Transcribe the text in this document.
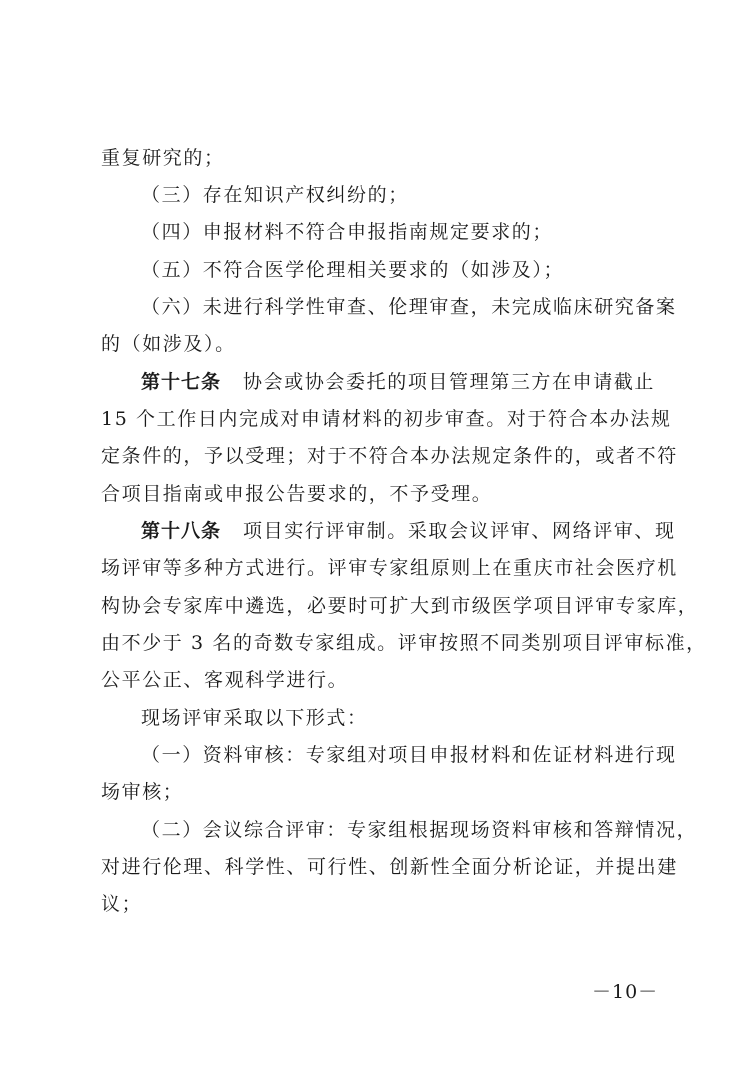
重复研究的；
（三）存在知识产权纠纷的；
（四）申报材料不符合申报指南规定要求的；
（五）不符合医学伦理相关要求的（如涉及）；
（六）未进行科学性审查、伦理审查，未完成临床研究备案
的（如涉及）。
第十七条 协会或协会委托的项目管理第三方在申请截止
15 个工作日内完成对申请材料的初步审查。对于符合本办法规
定条件的，予以受理；对于不符合本办法规定条件的，或者不符
合项目指南或申报公告要求的，不予受理。
第十八条 项目实行评审制。采取会议评审、网络评审、现
场评审等多种方式进行。评审专家组原则上在重庆市社会医疗机
构协会专家库中遴选，必要时可扩大到市级医学项目评审专家库，
由不少于 3 名的奇数专家组成。评审按照不同类别项目评审标准，
公平公正、客观科学进行。
现场评审采取以下形式：
（一）资料审核：专家组对项目申报材料和佐证材料进行现
场审核；
（二）会议综合评审：专家组根据现场资料审核和答辩情况，
对进行伦理、科学性、可行性、创新性全面分析论证，并提出建
议；
－10－
